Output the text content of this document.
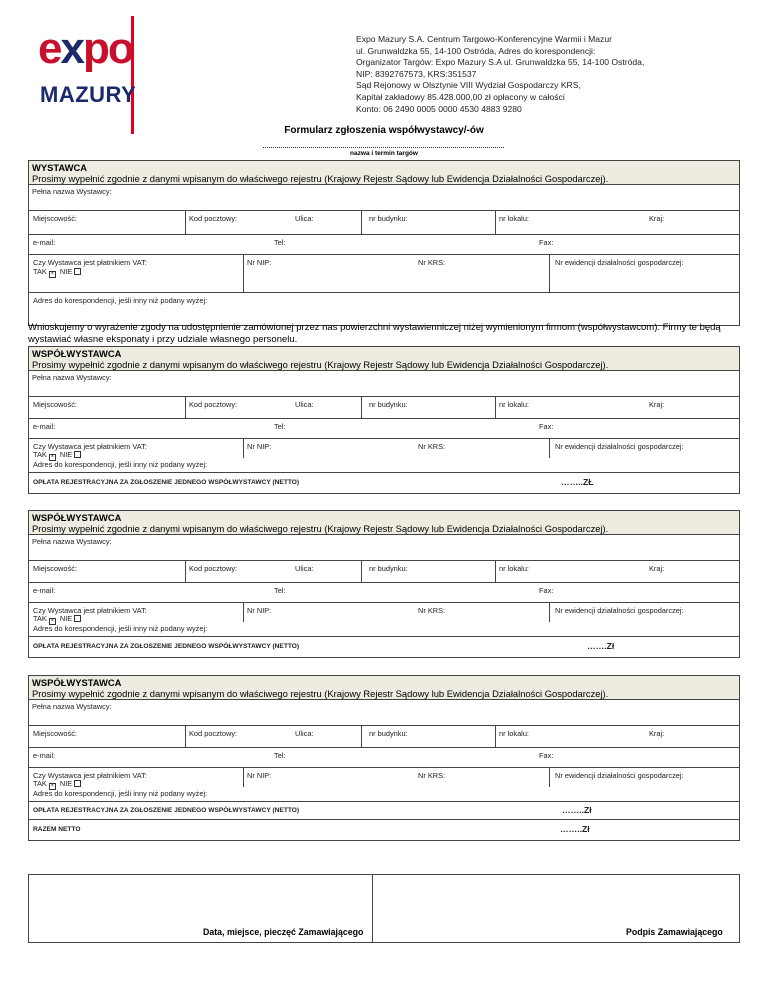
expo
MAZURY
Expo Mazury S.A. Centrum Targowo-Konferencyjne Warmii i Mazur
ul. Grunwaldzka 55, 14-100 Ostróda, Adres do korespondencji:
Organizator Targów: Expo Mazury S.A ul. Grunwaldzka 55, 14-100 Ostróda,
NIP: 8392767573, KRS:351537
Sąd Rejonowy w Olsztynie VIII Wydział Gospodarczy KRS,
Kapitał zakładowy 85.428.000,00 zł opłacony w całości
Konto: 06 2490 0005 0000 4530 4883 9280
Formularz zgłoszenia współwystawcy/-ów
nazwa i termin targów
WYSTAWCA
Prosimy wypełnić zgodnie z danymi wpisanym do właściwego rejestru (Krajowy Rejestr Sądowy lub Ewidencja Działalności Gospodarczej).
Pełna nazwa Wystawcy:
Miejscowość:	Kod pocztowy:	Ulica:	nr budynku:	nr lokalu:	Kraj:
e-mail:	Tel:	Fax:
Czy Wystawca jest płatnikiem VAT:
TAK × NIE
Nr NIP:	Nr KRS:	Nr ewidencji działalności gospodarczej:
Adres do korespondencji, jeśli inny niż podany wyżej:
Wnioskujemy o wyrażenie zgody na udostępnienie zamówionej przez nas powierzchni wystawienniczej niżej wymienionym firmom (współwystawcom). Firmy te będą wystawiać własne eksponaty i przy udziale własnego personelu.
WSPÓŁWYSTAWCA
Prosimy wypełnić zgodnie z danymi wpisanym do właściwego rejestru (Krajowy Rejestr Sądowy lub Ewidencja Działalności Gospodarczej).
Pełna nazwa Wystawcy:
Miejscowość:	Kod pocztowy:	Ulica:	nr budynku:	nr lokalu:	Kraj:
e-mail:	Tel:	Fax:
Czy Wystawca jest płatnikiem VAT:
TAK × NIE
Adres do korespondencji, jeśli inny niż podany wyżej:
Nr NIP:	Nr KRS:	Nr ewidencji działalności gospodarczej:
OPŁATA REJESTRACYJNA ZA ZGŁOSZENIE JEDNEGO WSPÓŁWYSTAWCY (NETTO)	……..ZŁ
WSPÓŁWYSTAWCA
Prosimy wypełnić zgodnie z danymi wpisanym do właściwego rejestru (Krajowy Rejestr Sądowy lub Ewidencja Działalności Gospodarczej).
Pełna nazwa Wystawcy:
Miejscowość:	Kod pocztowy:	Ulica:	nr budynku:	nr lokalu:	Kraj:
e-mail:	Tel:	Fax:
Czy Wystawca jest płatnikiem VAT:
TAK × NIE
Adres do korespondencji, jeśli inny niż podany wyżej:
Nr NIP:	Nr KRS:	Nr ewidencji działalności gospodarczej:
OPŁATA REJESTRACYJNA ZA ZGŁOSZENIE JEDNEGO WSPÓŁWYSTAWCY (NETTO)	…….Zł
WSPÓŁWYSTAWCA
Prosimy wypełnić zgodnie z danymi wpisanym do właściwego rejestru (Krajowy Rejestr Sądowy lub Ewidencja Działalności Gospodarczej).
Pełna nazwa Wystawcy:
Miejscowość:	Kod pocztowy:	Ulica:	nr budynku:	nr lokalu:	Kraj:
e-mail:	Tel:	Fax:
Czy Wystawca jest płatnikiem VAT:
TAK × NIE
Adres do korespondencji, jeśli inny niż podany wyżej:
Nr NIP:	Nr KRS:	Nr ewidencji działalności gospodarczej:
OPŁATA REJESTRACYJNA ZA ZGŁOSZENIE JEDNEGO WSPÓŁWYSTAWCY (NETTO)	……..Zł
RAZEM NETTO	……..Zł
Data, miejsce, pieczęć Zamawiającego	Podpis Zamawiającego
